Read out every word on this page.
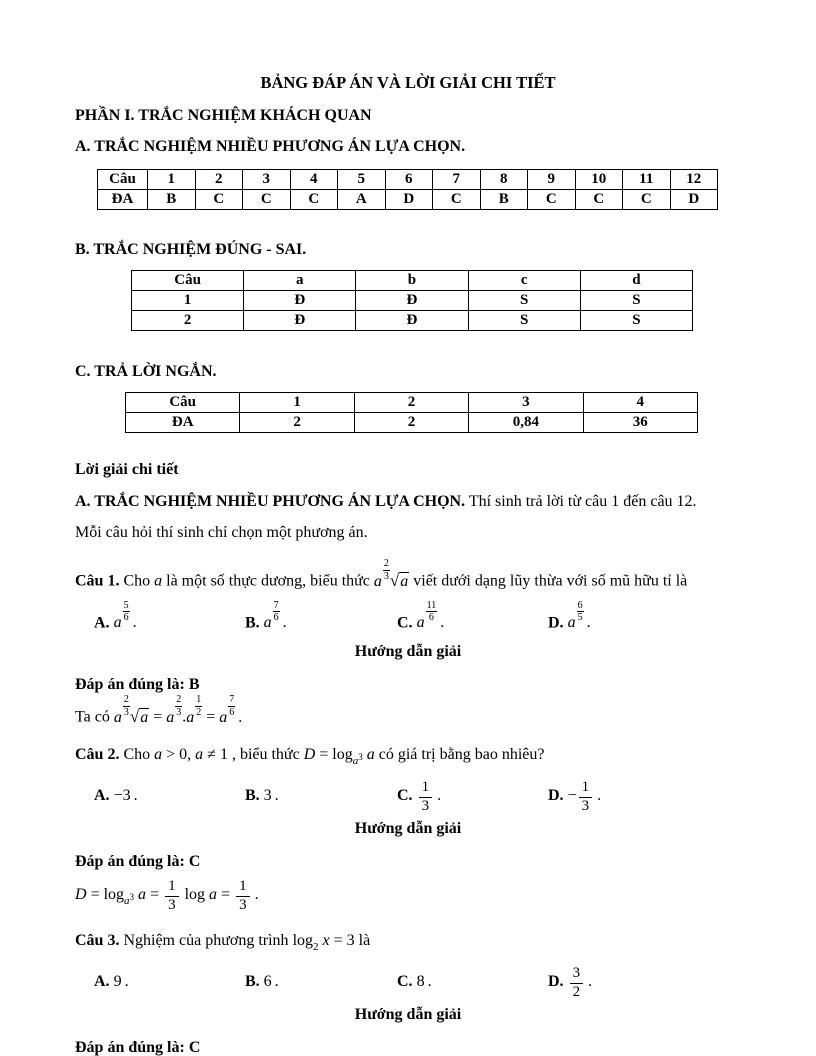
BẢNG ĐÁP ÁN VÀ LỜI GIẢI CHI TIẾT
PHẦN I. TRẮC NGHIỆM KHÁCH QUAN
A. TRẮC NGHIỆM NHIỀU PHƯƠNG ÁN LỰA CHỌN.
Câu	1	2	3	4	5	6	7	8	9	10	11	12
ĐA	B	C	C	C	A	D	C	B	C	C	C	D
B. TRẮC NGHIỆM ĐÚNG - SAI.
Câu	a	b	c	d
1	Đ	Đ	S	S
2	Đ	Đ	S	S
C. TRẢ LỜI NGẮN.
Câu	1	2	3	4
ĐA	2	2	0,84	36
Lời giải chi tiết
A. TRẮC NGHIỆM NHIỀU PHƯƠNG ÁN LỰA CHỌN. Thí sinh trả lời từ câu 1 đến câu 12.
Mỗi câu hỏi thí sinh chỉ chọn một phương án.
Câu 1. Cho a là một số thực dương, biểu thức a $\frac{2}{3} √a$ viết dưới dạng lũy thừa với số mũ hữu tỉ là
A. a $\frac{5}{6}$ .	B. a $\frac{7}{6}$ .	C. a $\frac{11}{6}$ .	D. a $\frac{6}{5}$ .
Hướng dẫn giải
Đáp án đúng là: B
Ta có a $\frac{2}{3} √a = a \frac{2}{3} .a \frac{1}{2} = a \frac{7}{6}$ .
Câu 2. Cho a > 0, a ≠ 1 , biểu thức $D = \log_{a^3} a$ có giá trị bằng bao nhiêu?
A. −3 .	B. 3 .	C. $\frac{1}{3}$ .	D. − $\frac{1}{3}$ .
Hướng dẫn giải
Đáp án đúng là: C
$D = \log_{a^3} a = \frac{1}{3}$ $\log a = \frac{1}{3}$ .
Câu 3. Nghiệm của phương trình $\log_2 x = 3$ là
A. 9 .	B. 6 .	C. 8 .	D. $\frac{3}{2}$ .
Hướng dẫn giải
Đáp án đúng là: C
